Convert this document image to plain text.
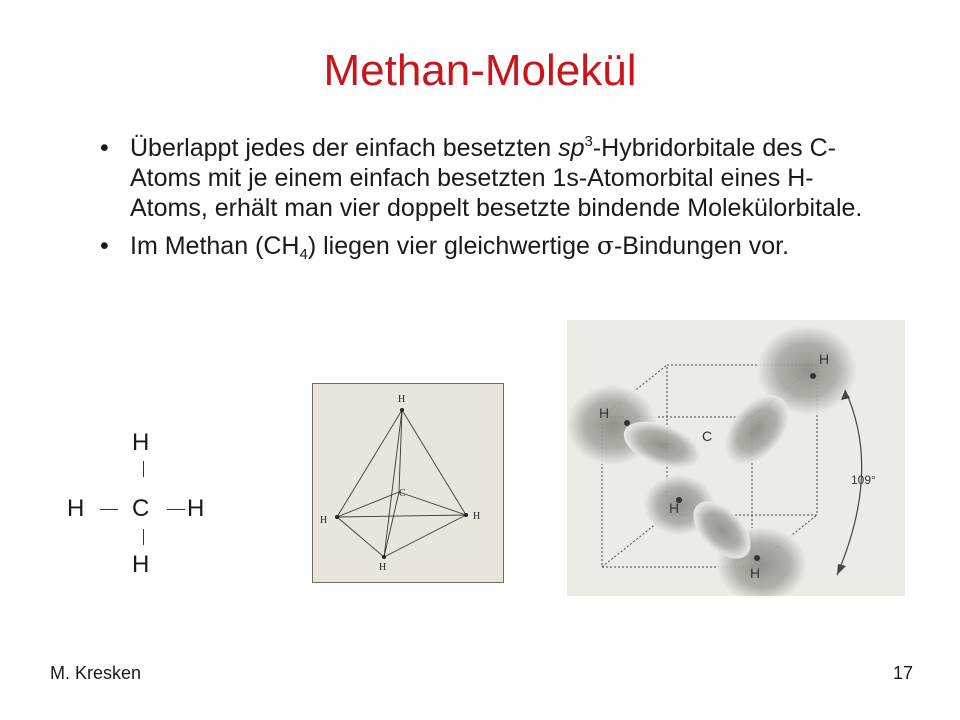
Methan-Molekül
• Überlappt jedes der einfach besetzten $sp^3$-Hybridorbitale des C-Atoms mit je einem einfach besetzten 1s-Atomorbital eines H-Atoms, erhält man vier doppelt besetzte bindende Molekülorbitale.
• Im Methan $(CH_4)$ liegen vier gleichwertige σ-Bindungen vor.
H
H C H
H
H
C
H	H
H
H
H
C
H
H
109°
M. Kresken	17
